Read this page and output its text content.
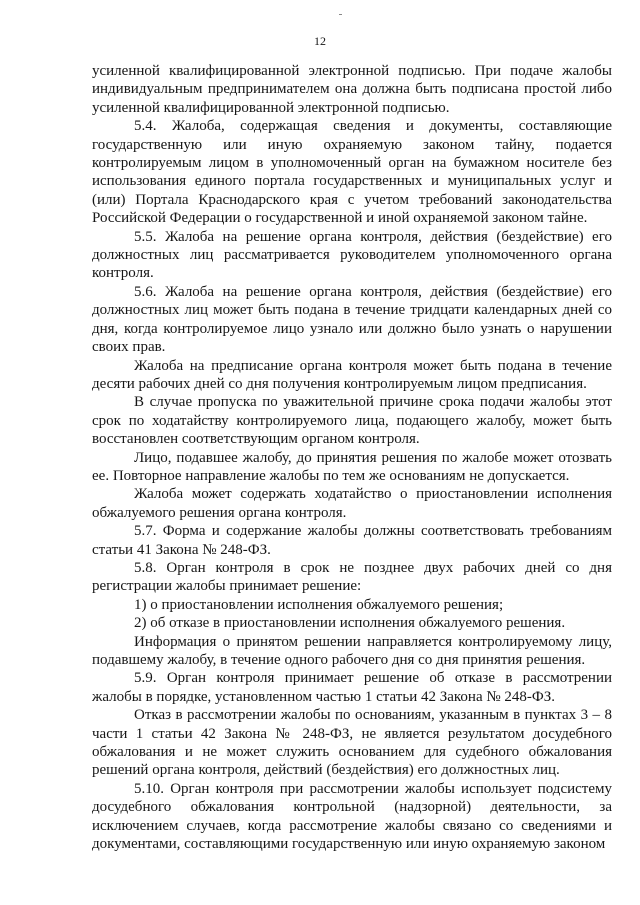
12

усиленной квалифицированной электронной подписью. При подаче жалобы индивидуальным предпринимателем она должна быть подписана простой либо усиленной квалифицированной электронной подписью.

5.4. Жалоба, содержащая сведения и документы, составляющие государственную или иную охраняемую законом тайну, подается контролируемым лицом в уполномоченный орган на бумажном носителе без использования единого портала государственных и муниципальных услуг и (или) Портала Краснодарского края с учетом требований законодательства Российской Федерации о государственной и иной охраняемой законом тайне.

5.5. Жалоба на решение органа контроля, действия (бездействие) его должностных лиц рассматривается руководителем уполномоченного органа контроля.

5.6. Жалоба на решение органа контроля, действия (бездействие) его должностных лиц может быть подана в течение тридцати календарных дней со дня, когда контролируемое лицо узнало или должно было узнать о нарушении своих прав.

Жалоба на предписание органа контроля может быть подана в течение десяти рабочих дней со дня получения контролируемым лицом предписания.

В случае пропуска по уважительной причине срока подачи жалобы этот срок по ходатайству контролируемого лица, подающего жалобу, может быть восстановлен соответствующим органом контроля.

Лицо, подавшее жалобу, до принятия решения по жалобе может отозвать ее. Повторное направление жалобы по тем же основаниям не допускается.

Жалоба может содержать ходатайство о приостановлении исполнения обжалуемого решения органа контроля.

5.7. Форма и содержание жалобы должны соответствовать требованиям статьи 41 Закона № 248-ФЗ.

5.8. Орган контроля в срок не позднее двух рабочих дней со дня регистрации жалобы принимает решение:

1) о приостановлении исполнения обжалуемого решения;

2) об отказе в приостановлении исполнения обжалуемого решения.

Информация о принятом решении направляется контролируемому лицу, подавшему жалобу, в течение одного рабочего дня со дня принятия решения.

5.9. Орган контроля принимает решение об отказе в рассмотрении жалобы в порядке, установленном частью 1 статьи 42 Закона № 248-ФЗ.

Отказ в рассмотрении жалобы по основаниям, указанным в пунктах 3 – 8 части 1 статьи 42 Закона № 248-ФЗ, не является результатом досудебного обжалования и не может служить основанием для судебного обжалования решений органа контроля, действий (бездействия) его должностных лиц.

5.10. Орган контроля при рассмотрении жалобы использует подсистему досудебного обжалования контрольной (надзорной) деятельности, за исключением случаев, когда рассмотрение жалобы связано со сведениями и документами, составляющими государственную или иную охраняемую законом
